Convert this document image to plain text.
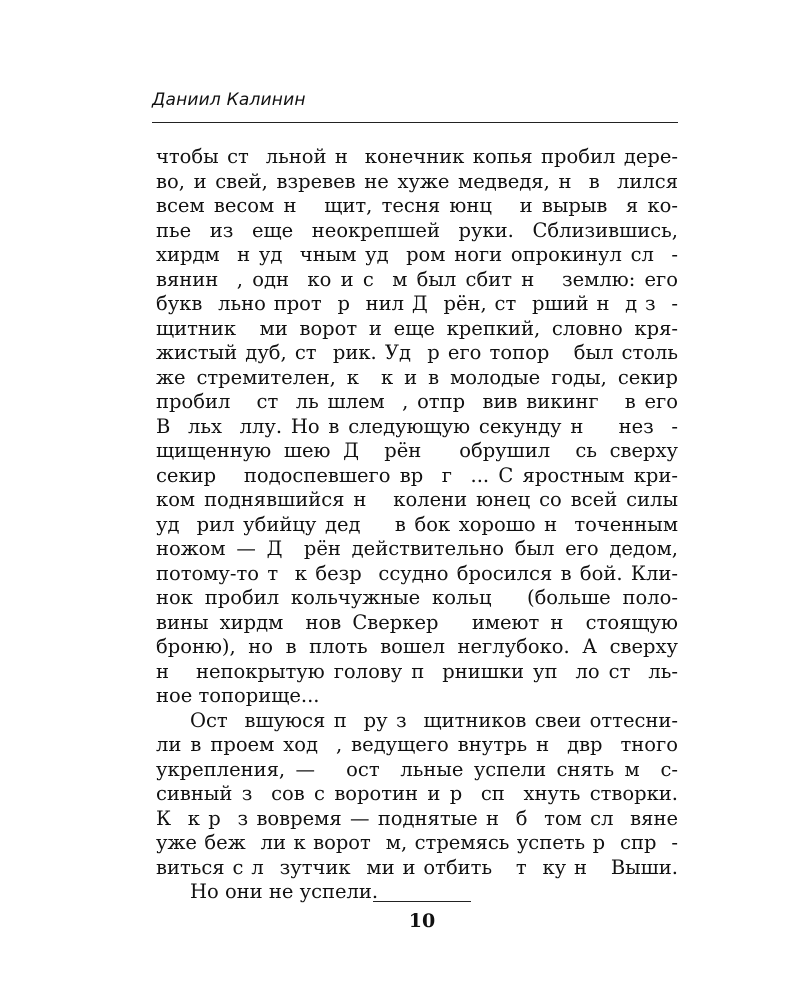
Даниил Калинин
чтобы ст  льной н  конечник копья пробил дере-
во, и свей, взревев не хуже медведя, н  в  лился
всем весом н   щит, тесня юнц   и вырыв  я ко-
пье из еще неокрепшей руки. Сблизившись,
хирдм  н уд  чным уд  ром ноги опрокинул сл  -
вянин  , одн  ко и с  м был сбит н   землю: его
букв  льно прот  р  нил Д  рён, ст  рший н  д з  -
щитник  ми ворот и еще крепкий, словно кря-
жистый дуб, ст  рик. Уд  р его топор   был столь
же стремителен, к  к и в молодые годы, секир
пробил   ст  ль шлем  , отпр  вив викинг   в его
В  льх  ллу. Но в следующую секунду н    нез  -
щищенную шею Д  рён   обрушил  сь сверху
секир   подоспевшего вр  г  ... С яростным кри-
ком поднявшийся н   колени юнец со всей силы
уд  рил убийцу дед    в бок хорошо н  точенным
ножом — Д  рён действительно был его дедом,
потому-то т  к безр  ссудно бросился в бой. Кли-
нок пробил кольчужные кольц   (больше поло-
вины хирдм  нов Сверкер   имеют н  стоящую
броню), но в плоть вошел неглубоко. А сверху
н   непокрытую голову п  рнишки уп  ло ст  ль-
ное топорище...
Ост  вшуюся п  ру з  щитников свеи оттесни-
ли в проем ход  , ведущего внутрь н  двр  тного
укрепления, —   ост  льные успели снять м  с-
сивный з  сов с воротин и р  сп  хнуть створки.
К  к р  з вовремя — поднятые н  б  том сл  вяне
уже беж  ли к ворот  м, стремясь успеть р  спр  -
виться с л  зутчик  ми и отбить   т  ку н   Выши.
Но они не успели.
10
